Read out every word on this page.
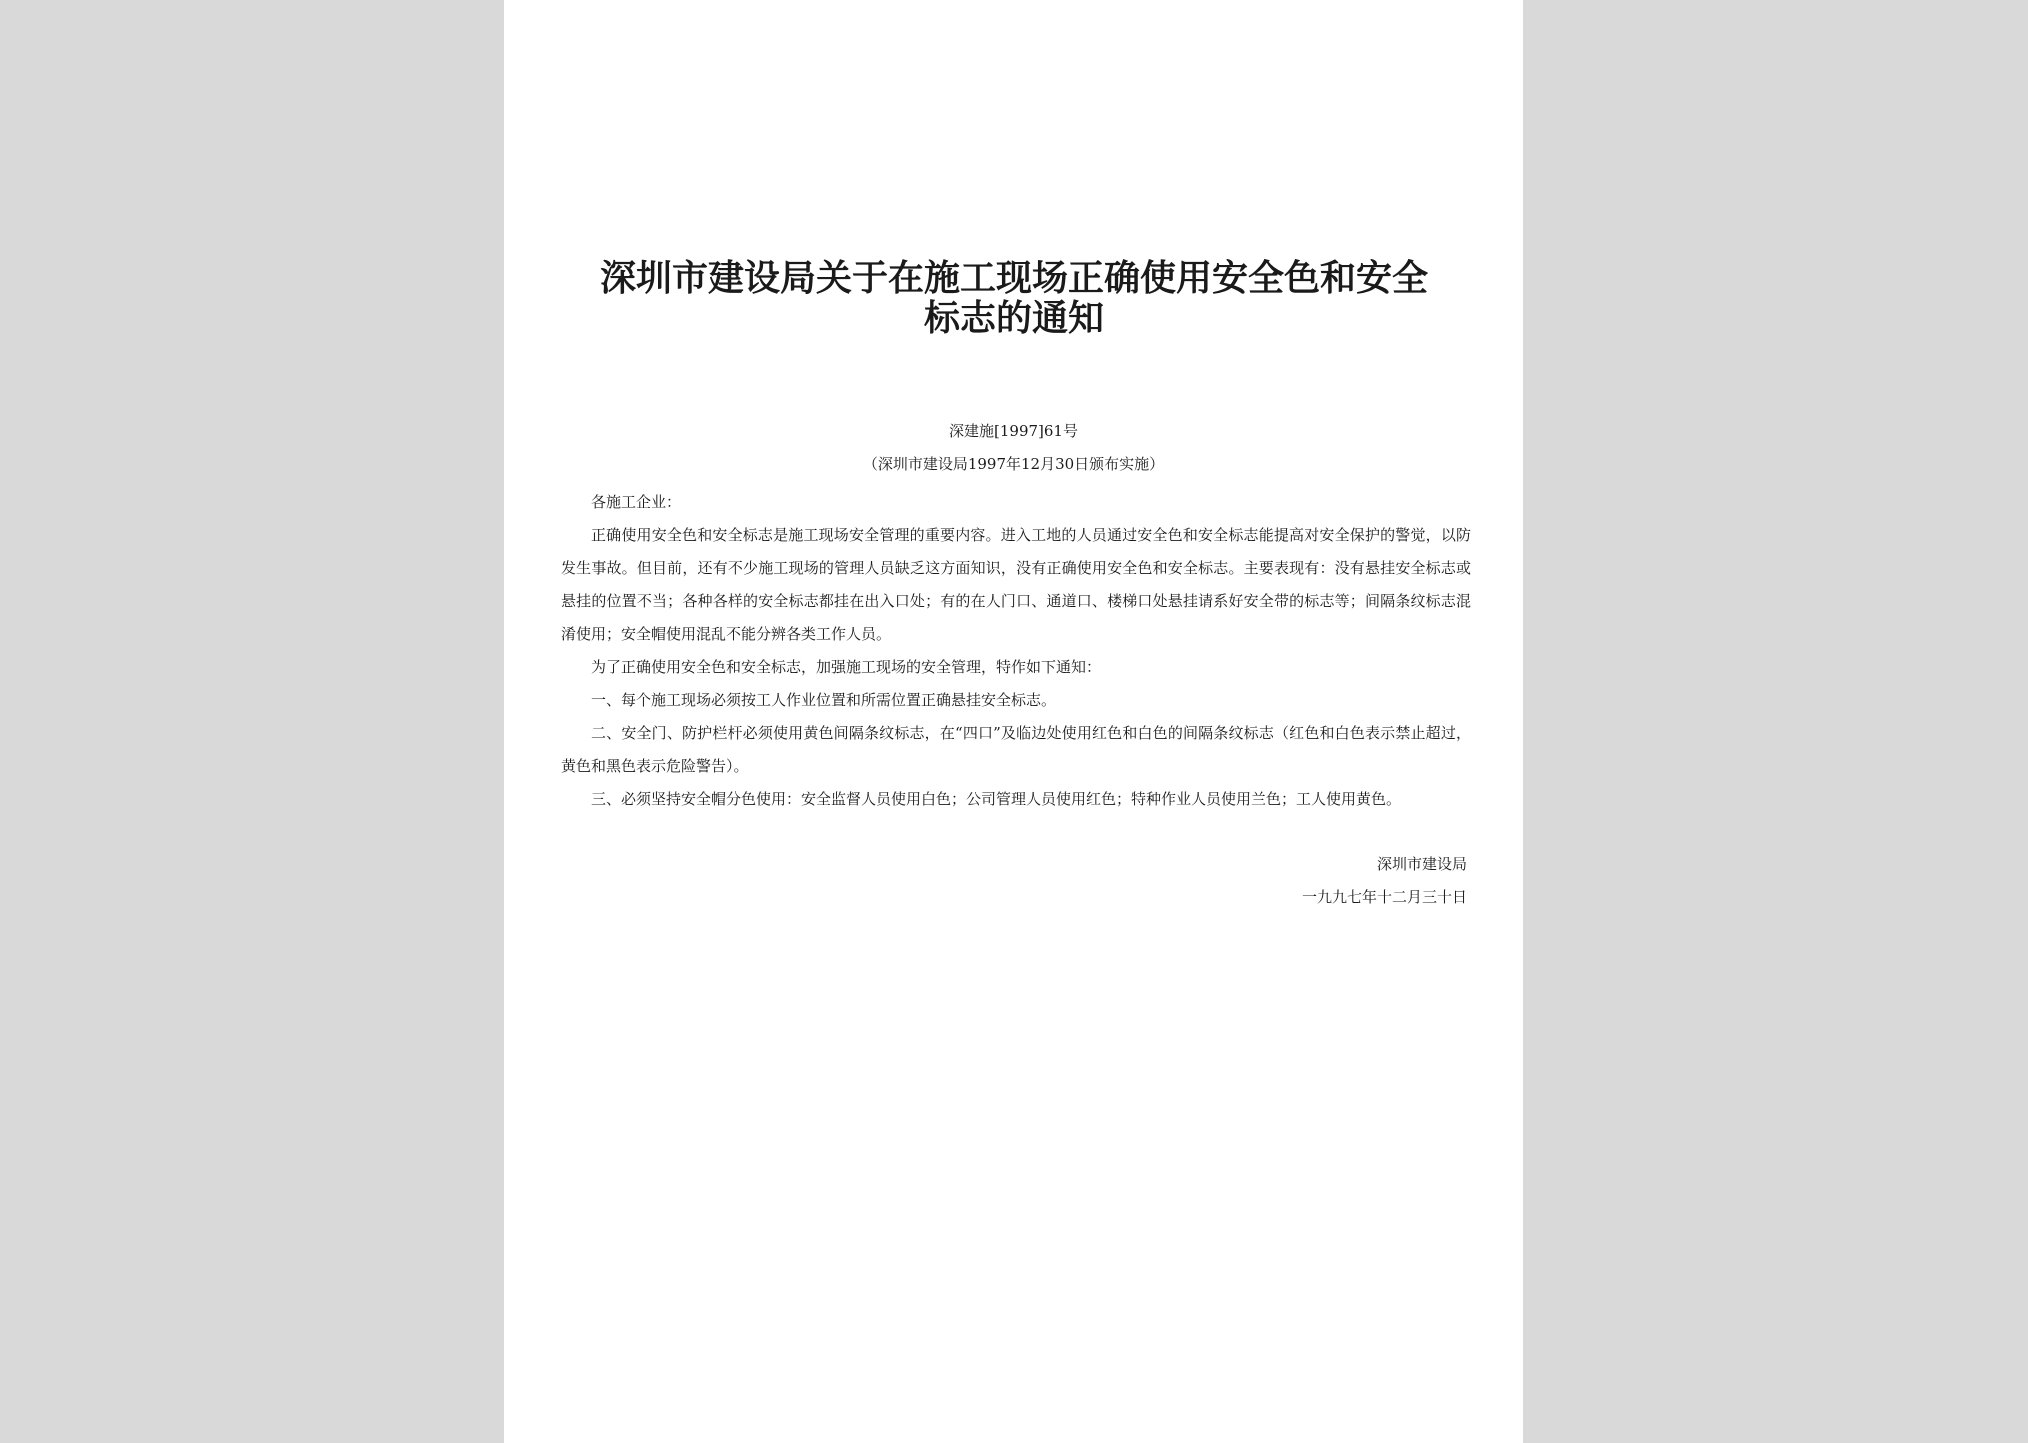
深圳市建设局关于在施工现场正确使用安全色和安全
标志的通知
深建施[1997]61号
（深圳市建设局1997年12月30日颁布实施）

各施工企业：

正确使用安全色和安全标志是施工现场安全管理的重要内容。进入工地的人员通过安全色和安全标志能提高对安全保护的警觉，以防发生事故。但目前，还有不少施工现场的管理人员缺乏这方面知识，没有正确使用安全色和安全标志。主要表现有：没有悬挂安全标志或悬挂的位置不当；各种各样的安全标志都挂在出入口处；有的在人门口、通道口、楼梯口处悬挂请系好安全带的标志等；间隔条纹标志混淆使用；安全帽使用混乱不能分辨各类工作人员。

为了正确使用安全色和安全标志，加强施工现场的安全管理，特作如下通知：

一、每个施工现场必须按工人作业位置和所需位置正确悬挂安全标志。

二、安全门、防护栏杆必须使用黄色间隔条纹标志，在“四口”及临边处使用红色和白色的间隔条纹标志（红色和白色表示禁止超过，黄色和黑色表示危险警告）。

三、必须坚持安全帽分色使用：安全监督人员使用白色；公司管理人员使用红色；特种作业人员使用兰色；工人使用黄色。

深圳市建设局
一九九七年十二月三十日
